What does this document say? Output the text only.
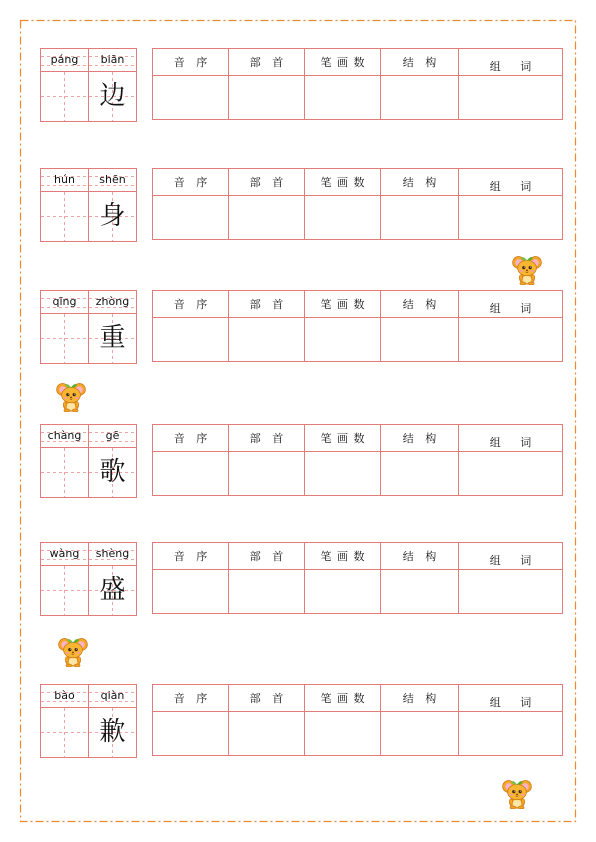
páng	biān
边
音 序	部 首	笔 画 数	结 构	组 词
hún	shēn
身
音 序	部 首	笔 画 数	结 构	组 词
qīng	zhòng
重
音 序	部 首	笔 画 数	结 构	组 词
chàng	gē
歌
音 序	部 首	笔 画 数	结 构	组 词
wàng	shèng
盛
音 序	部 首	笔 画 数	结 构	组 词
bào	qiàn
歉
音 序	部 首	笔 画 数	结 构	组 词
